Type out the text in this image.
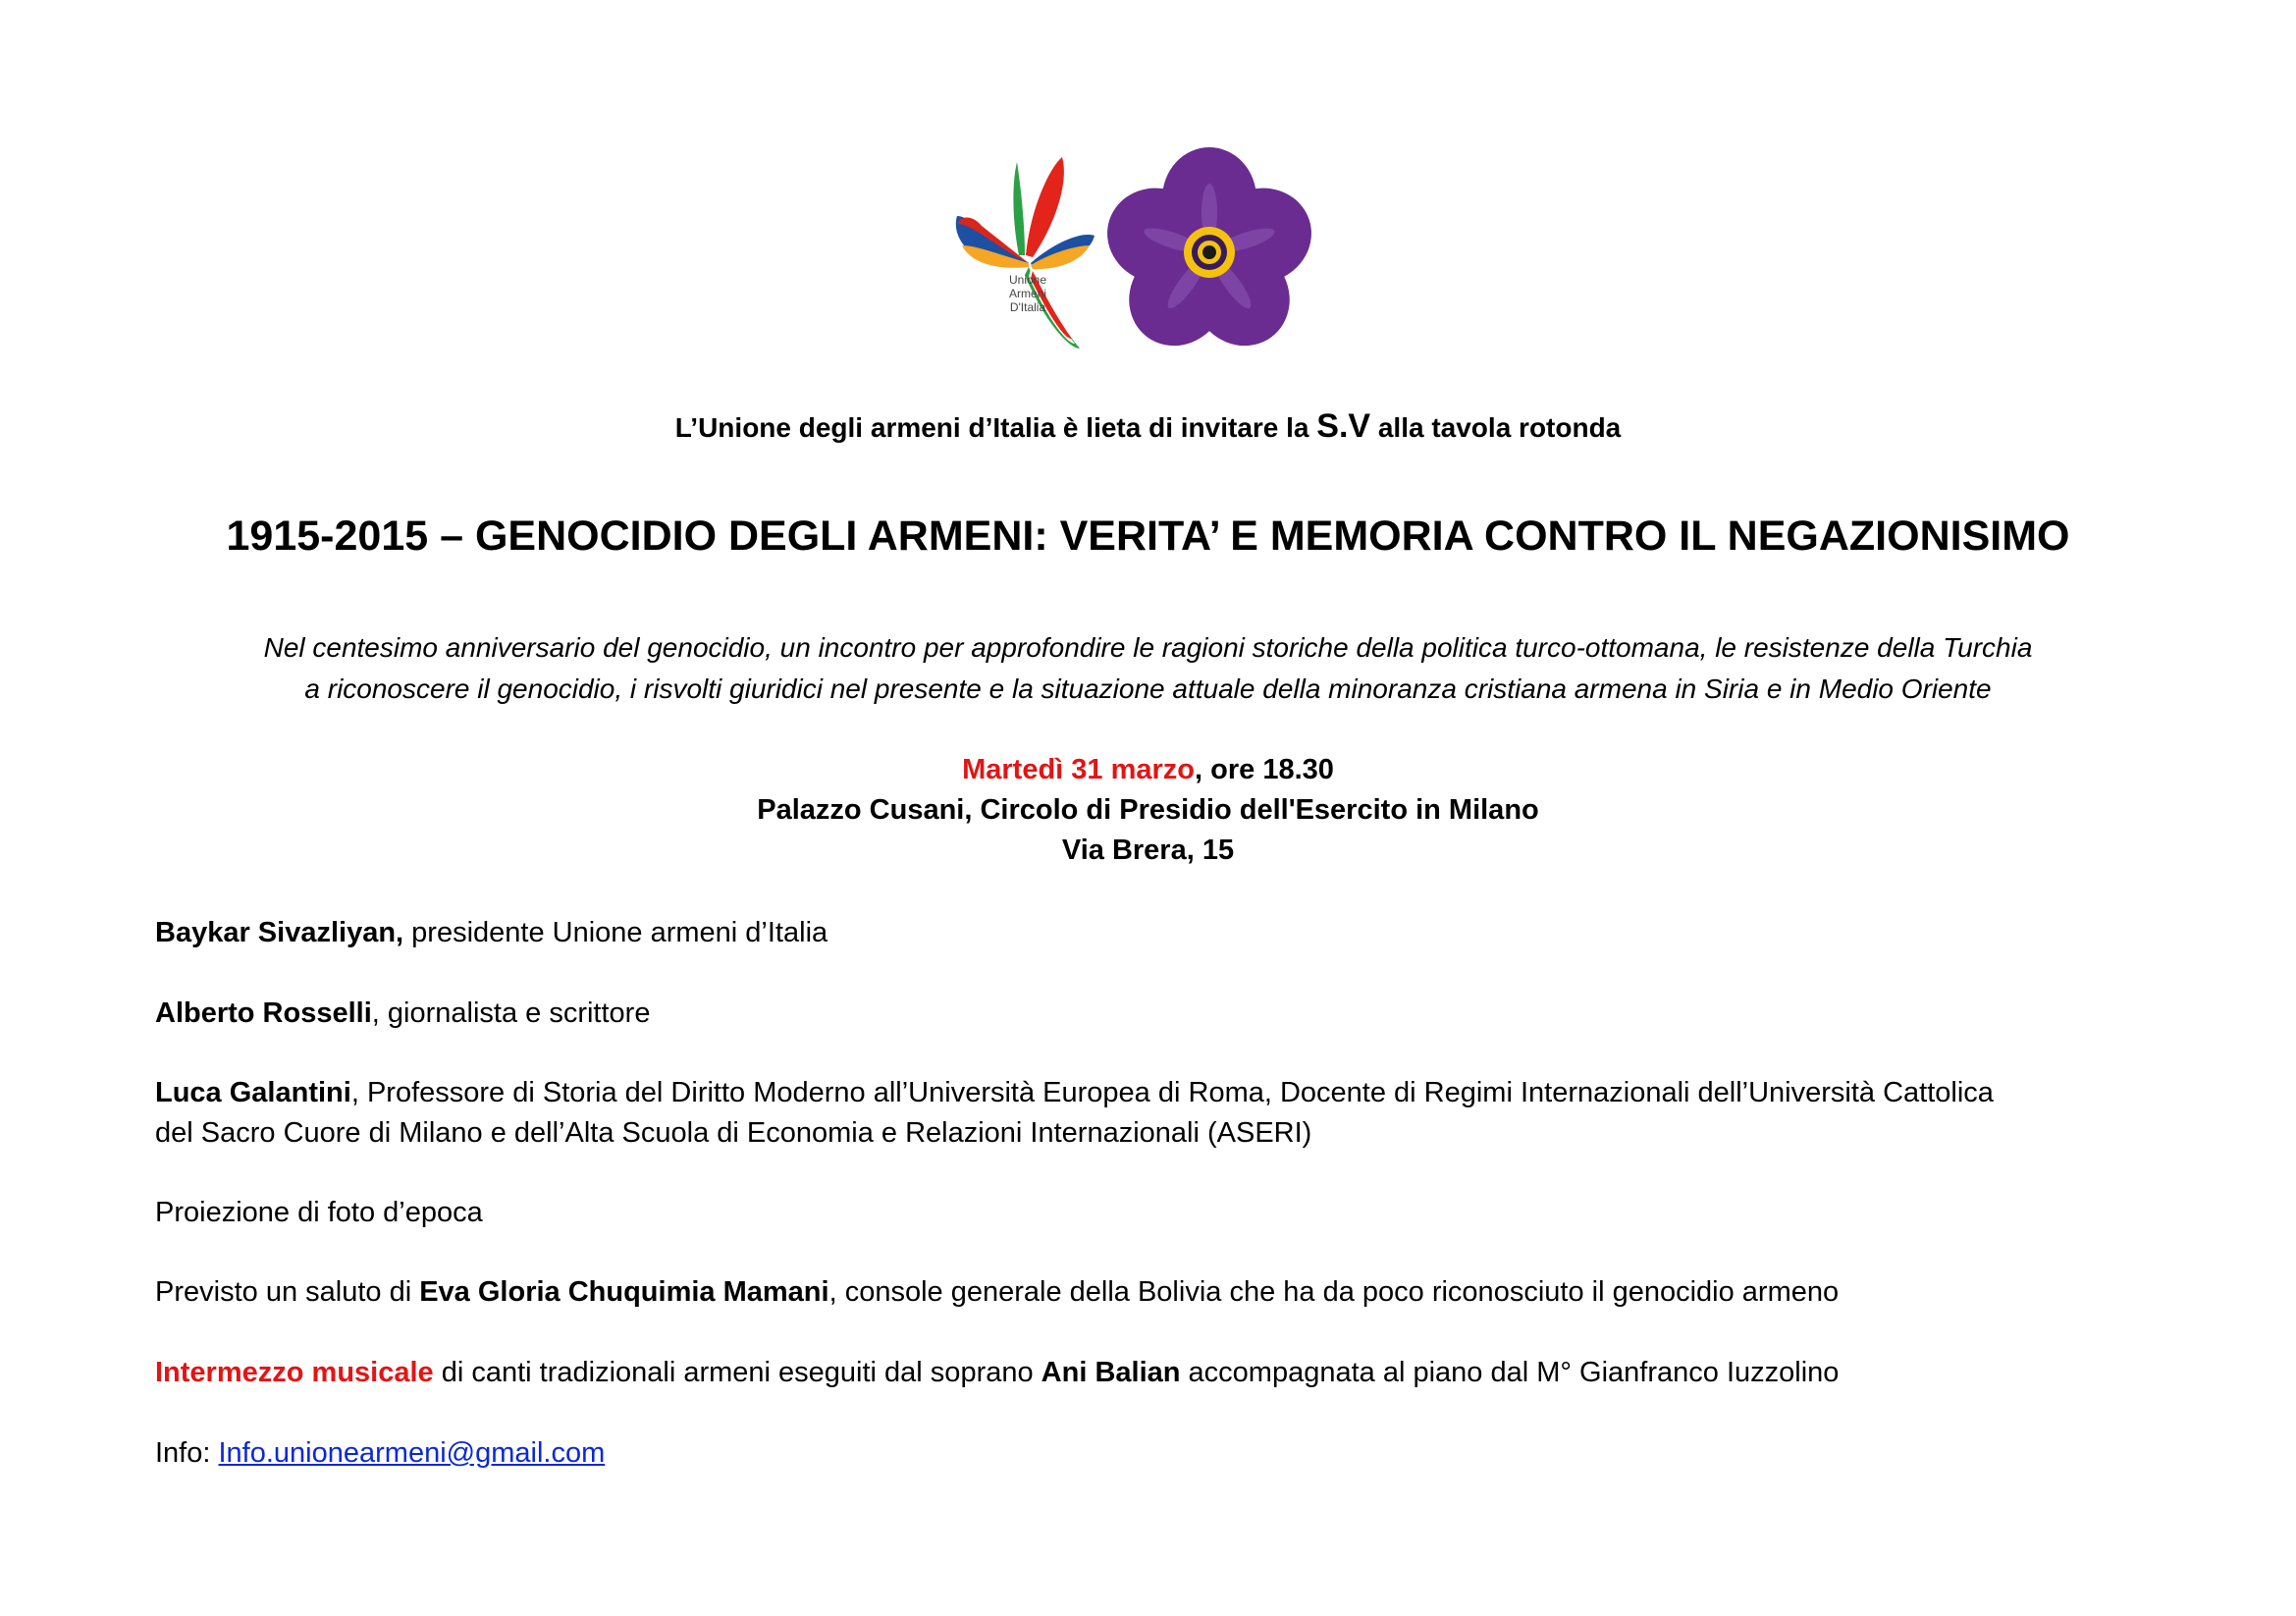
Unione
Armeni
D'Italia
L’Unione degli armeni d’Italia è lieta di invitare la S.V alla tavola rotonda
1915-2015 – GENOCIDIO DEGLI ARMENI: VERITA’ E MEMORIA CONTRO IL NEGAZIONISIMO
Nel centesimo anniversario del genocidio, un incontro per approfondire le ragioni storiche della politica turco-ottomana, le resistenze della Turchia
a riconoscere il genocidio, i risvolti giuridici nel presente e la situazione attuale della minoranza cristiana armena in Siria e in Medio Oriente
Martedì 31 marzo, ore 18.30
Palazzo Cusani, Circolo di Presidio dell'Esercito in Milano
Via Brera, 15
Baykar Sivazliyan, presidente Unione armeni d’Italia
Alberto Rosselli, giornalista e scrittore
Luca Galantini, Professore di Storia del Diritto Moderno all’Università Europea di Roma, Docente di Regimi Internazionali dell’Università Cattolica
del Sacro Cuore di Milano e dell’Alta Scuola di Economia e Relazioni Internazionali (ASERI)
Proiezione di foto d’epoca
Previsto un saluto di Eva Gloria Chuquimia Mamani, console generale della Bolivia che ha da poco riconosciuto il genocidio armeno
Intermezzo musicale di canti tradizionali armeni eseguiti dal soprano Ani Balian accompagnata al piano dal M° Gianfranco Iuzzolino
Info: Info.unionearmeni@gmail.com
